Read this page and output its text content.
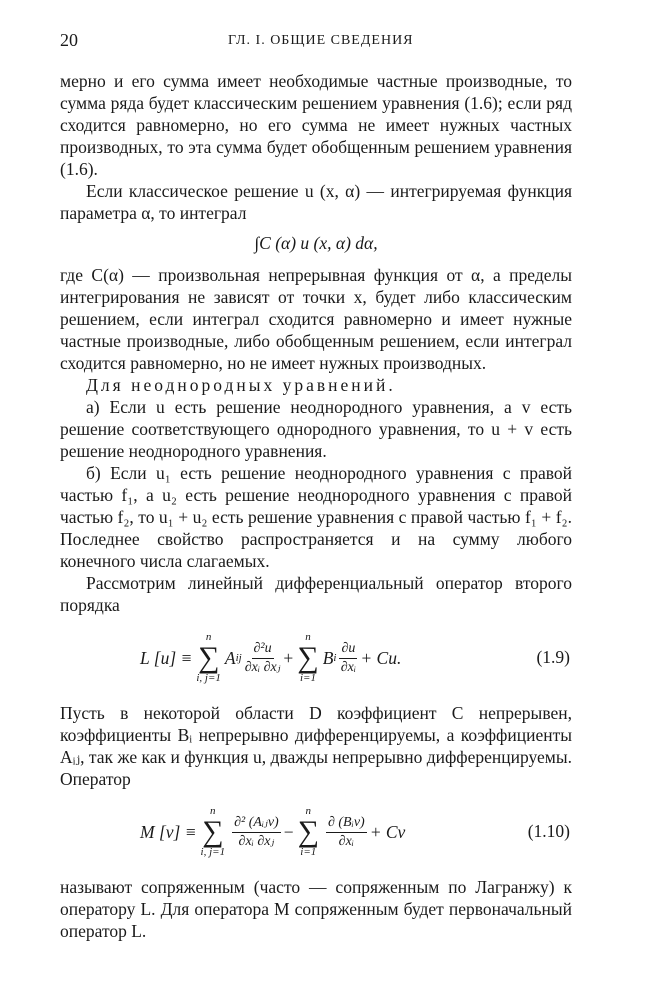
20	ГЛ. I. ОБЩИЕ СВЕДЕНИЯ

мерно и его сумма имеет необходимые частные производные, то сумма ряда будет классическим решением уравнения (1.6); если ряд сходится равномерно, но его сумма не имеет нужных частных производных, то эта сумма будет обобщенным решением уравнения (1.6).

Если классическое решение u (x, α) — интегрируемая функция параметра α, то интеграл

∫C (α) u (x, α) dα,

где C(α) — произвольная непрерывная функция от α, а пределы интегрирования не зависят от точки x, будет либо классическим решением, если интеграл сходится равномерно и имеет нужные частные производные, либо обобщенным решением, если интеграл сходится равномерно, но не имеет нужных производных.

Для неоднородных уравнений.

а) Если u есть решение неоднородного уравнения, а v есть решение соответствующего однородного уравнения, то u + v есть решение неоднородного уравнения.

б) Если u₁ есть решение неоднородного уравнения с правой частью f₁, а u₂ есть решение неоднородного уравнения с правой частью f₂, то u₁ + u₂ есть решение уравнения с правой частью f₁ + f₂. Последнее свойство распространяется и на сумму любого конечного числа слагаемых.

Рассмотрим линейный дифференциальный оператор второго порядка

L [u] ≡
n
∑
i, j=1
A ij $\frac{\text{∂²u}}{\text{∂xᵢ ∂xⱼ}}$ +
n
∑
i=1
B i $\frac{\partial u}{\text{∂xᵢ}} + Cu$.	(1.9)

Пусть в некоторой области D коэффициент C непрерывен, коэффициенты Bᵢ непрерывно дифференцируемы, а коэффициенты Aᵢⱼ, так же как и функция u, дважды непрерывно дифференцируемы. Оператор

M [v] ≡
n
∑
i, j=1
$\frac{\text{∂² (Aᵢⱼv)}}{\text{∂xᵢ ∂xⱼ}}$ −
n
∑
i=1
$\frac{\text{∂ (Bᵢv)}}{\text{∂xᵢ}} + Cv$	(1.10)

называют сопряженным (часто — сопряженным по Лагранжу) к оператору L. Для оператора M сопряженным будет первоначальный оператор L.
